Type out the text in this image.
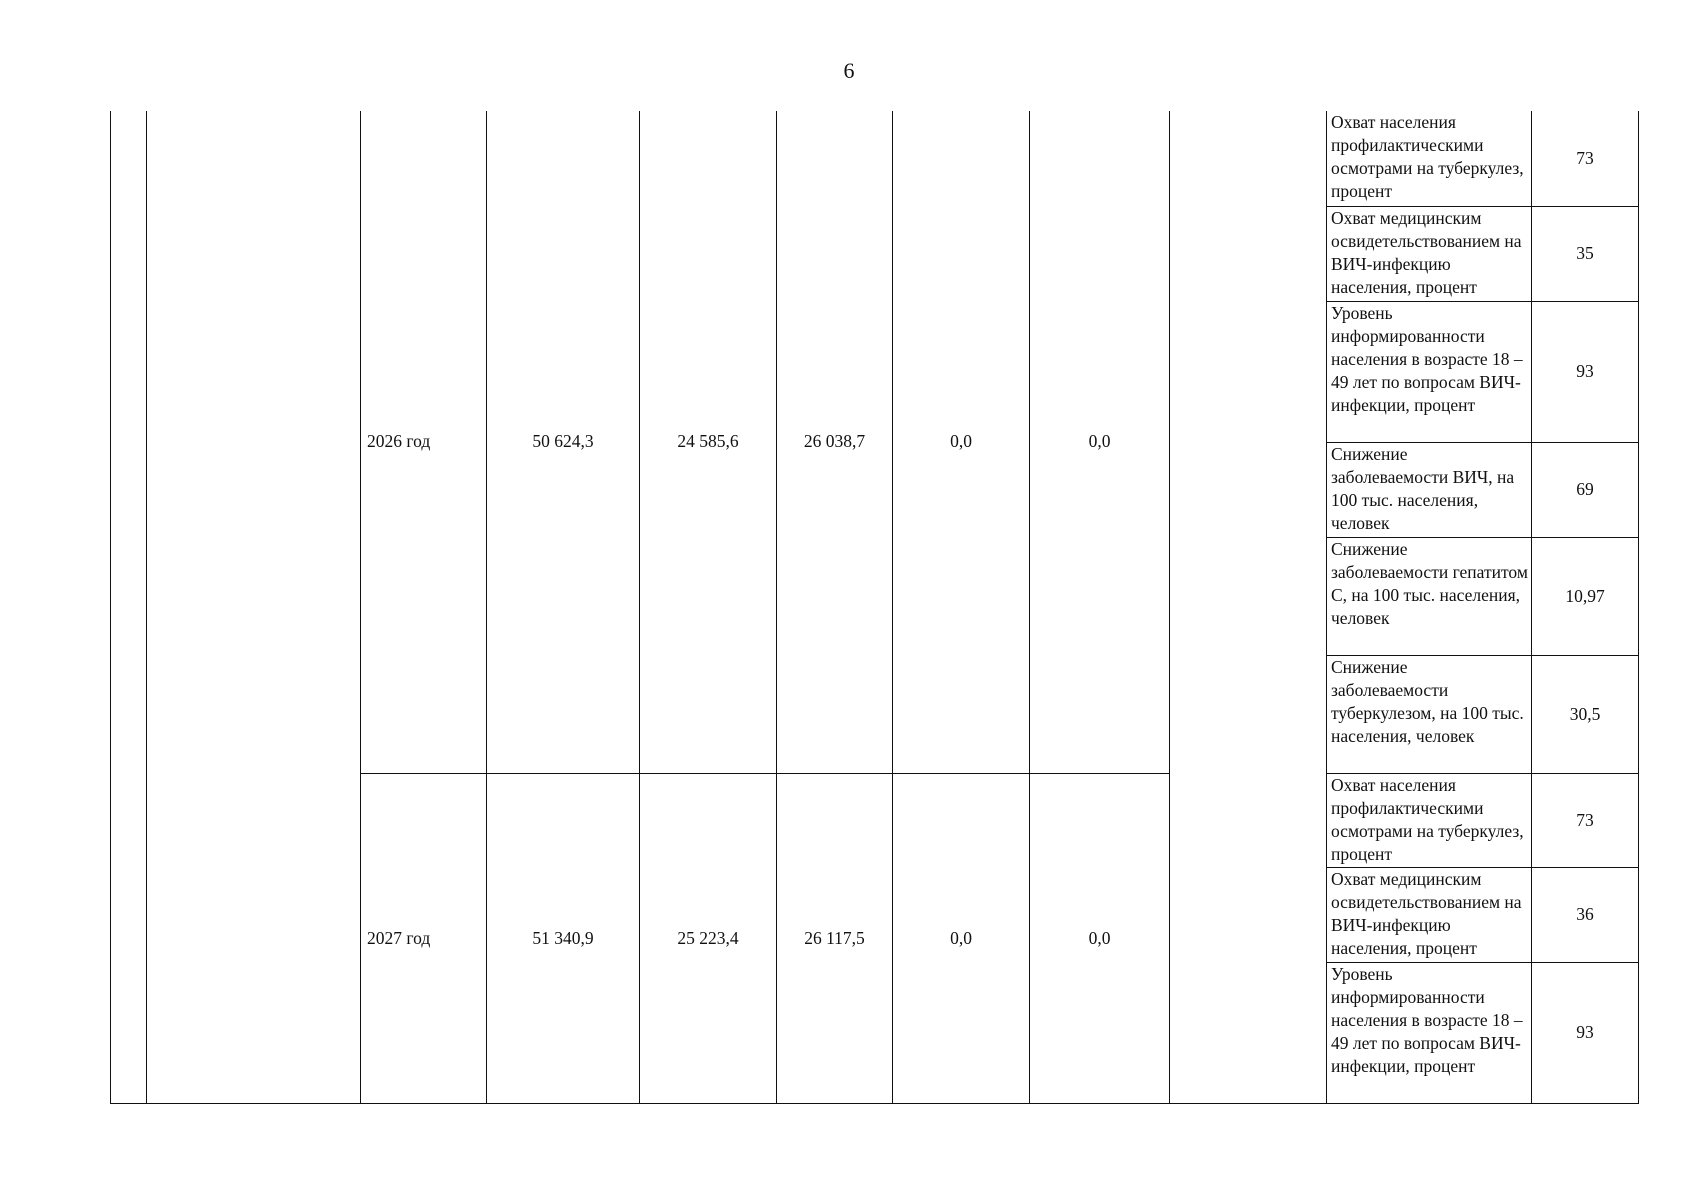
6
		2026 год	50 624,3	24 585,6	26 038,7	0,0	0,0		Охват населения профилактическими осмотрами на туберкулез, процент	73
									Охват медицинским освидетельствованием на ВИЧ-инфекцию населения, процент	35
									Уровень информированности населения в возрасте 18 – 49 лет по вопросам ВИЧ-инфекции, процент	93
									Снижение заболеваемости ВИЧ, на 100 тыс. населения, человек	69
									Снижение заболеваемости гепатитом С, на 100 тыс. населения, человек	10,97
									Снижение заболеваемости туберкулезом, на 100 тыс. населения, человек	30,5
		2027 год	51 340,9	25 223,4	26 117,5	0,0	0,0		Охват населения профилактическими осмотрами на туберкулез, процент	73
									Охват медицинским освидетельствованием на ВИЧ-инфекцию населения, процент	36
									Уровень информированности населения в возрасте 18 – 49 лет по вопросам ВИЧ-инфекции, процент	93
